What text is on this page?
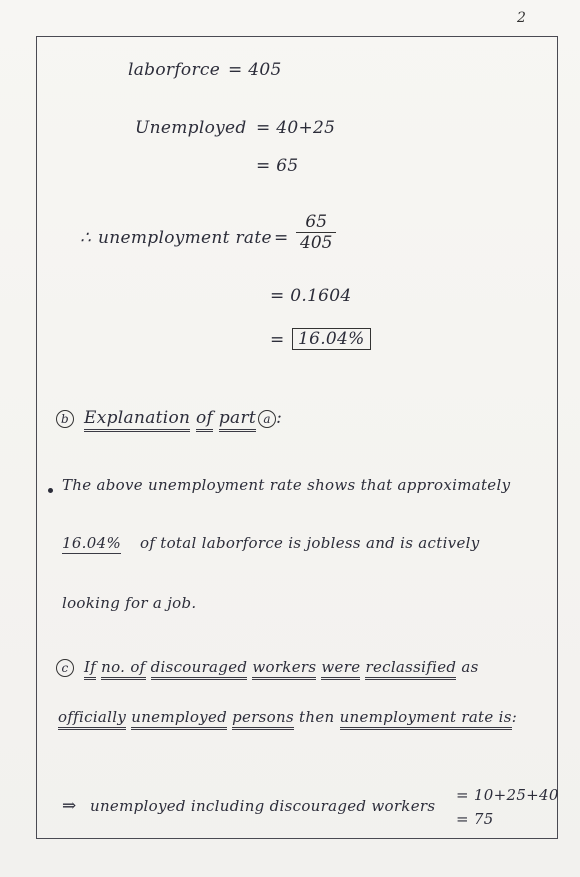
2
laborforce = 405
Unemployed = 40+25
= 65
∴ unemployment rate = $\frac{65}{405}$
= 0.1604
= 16.04%
b Explanation of part a :
The above unemployment rate shows that approximately
16.04% of total laborforce is jobless and is actively
looking for a job.
c If no. of discouraged workers were reclassified as
officially unemployed persons then unemployment rate is:
⇒ unemployed including discouraged workers
= 10+25+40
= 75
